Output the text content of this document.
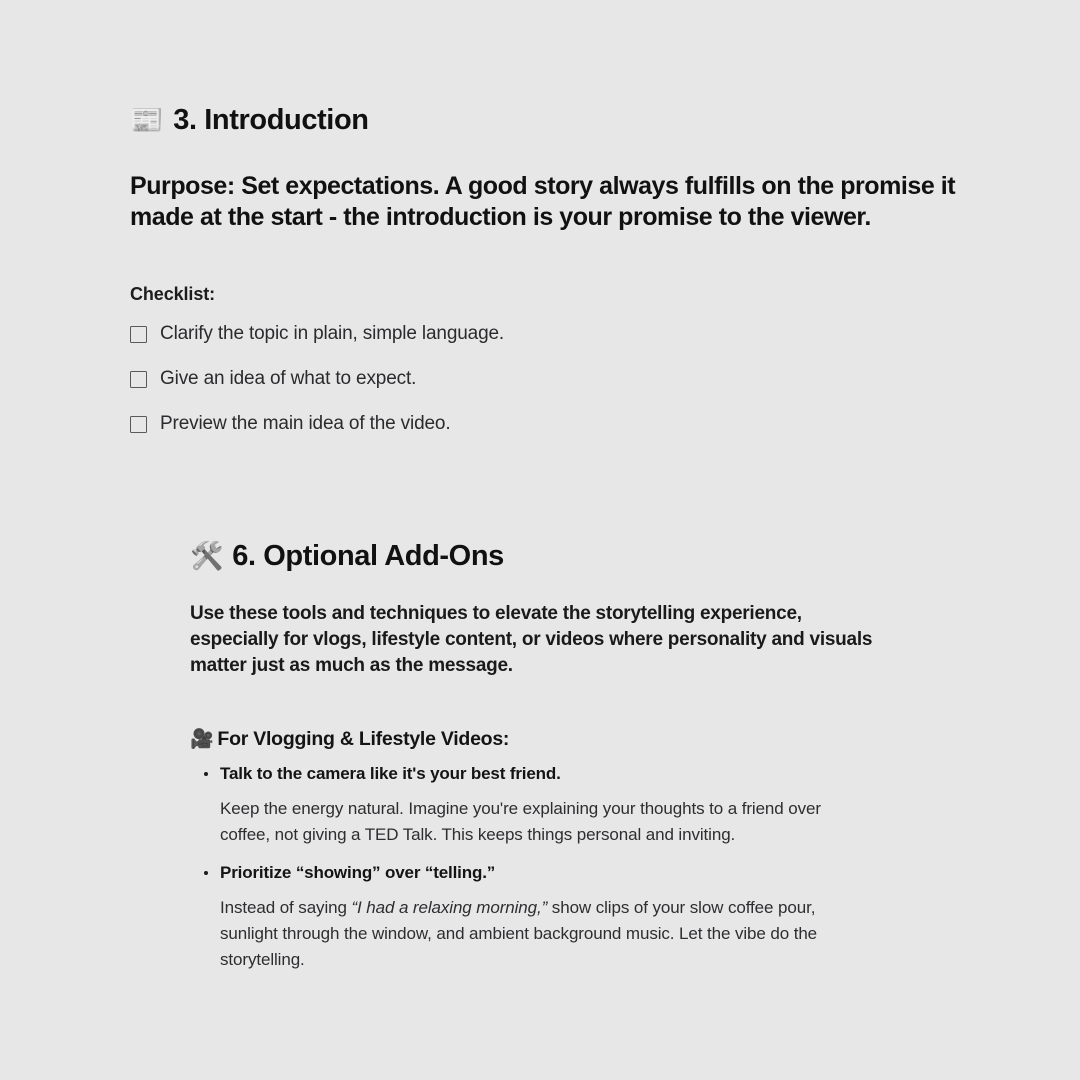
📰 3. Introduction
Purpose: Set expectations. A good story always fulfills on the promise it made at the start - the introduction is your promise to the viewer.
Checklist:
Clarify the topic in plain, simple language.
Give an idea of what to expect.
Preview the main idea of the video.
🛠️ 6. Optional Add-Ons
Use these tools and techniques to elevate the storytelling experience, especially for vlogs, lifestyle content, or videos where personality and visuals matter just as much as the message.
🎥 For Vlogging & Lifestyle Videos:
Talk to the camera like it's your best friend.
Keep the energy natural. Imagine you're explaining your thoughts to a friend over coffee, not giving a TED Talk. This keeps things personal and inviting.
Prioritize “showing” over “telling.”
Instead of saying “I had a relaxing morning,” show clips of your slow coffee pour, sunlight through the window, and ambient background music. Let the vibe do the storytelling.
